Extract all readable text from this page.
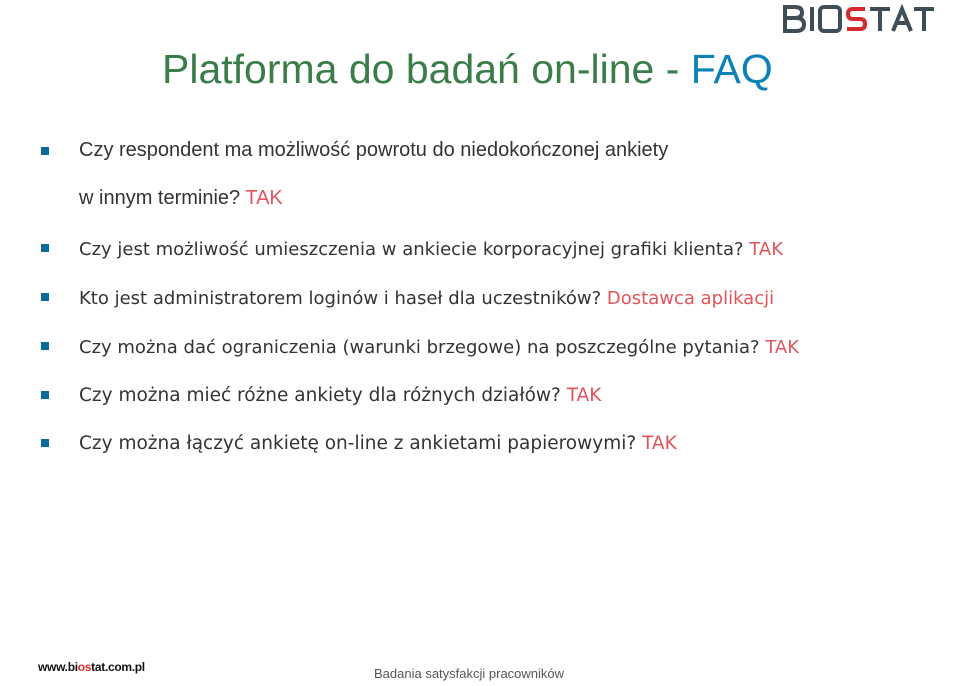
Platforma do badań on-line - FAQ
Czy respondent ma możliwość powrotu do niedokończonej ankiety
w innym terminie? TAK
Czy jest możliwość umieszczenia w ankiecie korporacyjnej grafiki klienta? TAK
Kto jest administratorem loginów i haseł dla uczestników? Dostawca aplikacji
Czy można dać ograniczenia (warunki brzegowe) na poszczególne pytania? TAK
Czy można mieć różne ankiety dla różnych działów? TAK
Czy można łączyć ankietę on-line z ankietami papierowymi? TAK
www.biostat.com.pl	Badania satysfakcji pracowników
